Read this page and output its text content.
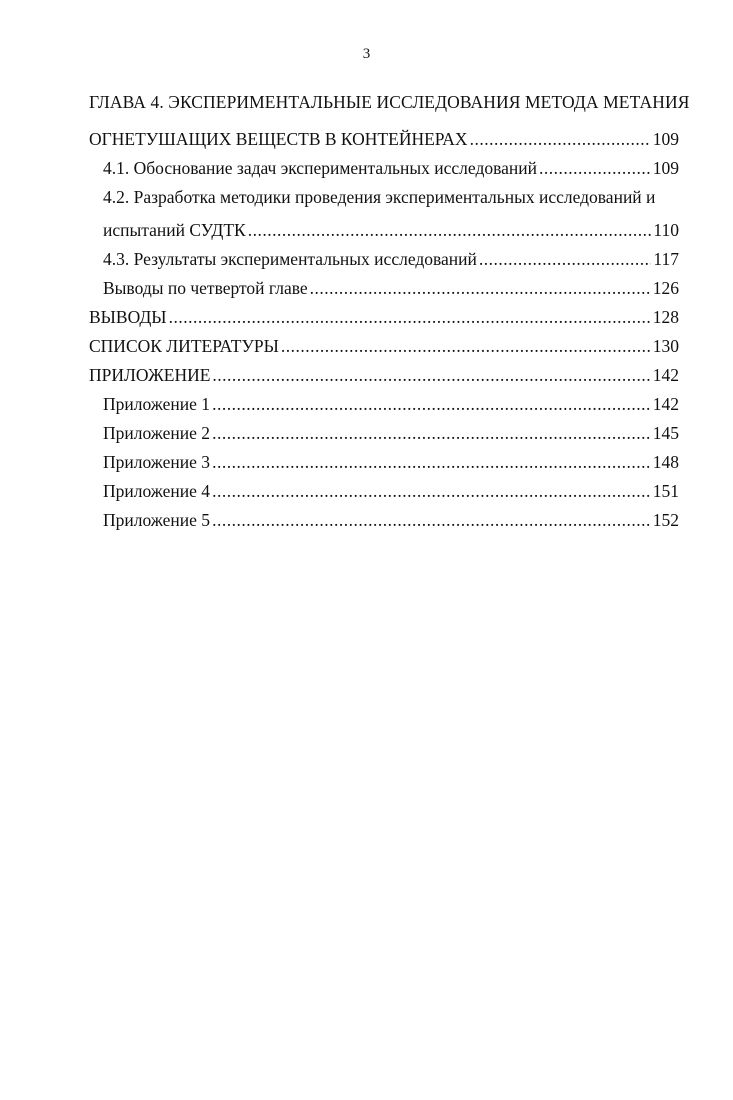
3
ГЛАВА 4. ЭКСПЕРИМЕНТАЛЬНЫЕ ИССЛЕДОВАНИЯ МЕТОДА МЕТАНИЯ
ОГНЕТУШАЩИХ ВЕЩЕСТВ В КОНТЕЙНЕРАХ .....	109
4.1. Обоснование задач экспериментальных исследований .....	109
4.2. Разработка методики проведения экспериментальных исследований и
испытаний СУДТК .....	110
4.3. Результаты экспериментальных исследований .....	117
Выводы по четвертой главе .....	126
ВЫВОДЫ .....	128
СПИСОК ЛИТЕРАТУРЫ .....	130
ПРИЛОЖЕНИЕ .....	142
Приложение 1 .....	142
Приложение 2 .....	145
Приложение 3 .....	148
Приложение 4 .....	151
Приложение 5 .....	152
